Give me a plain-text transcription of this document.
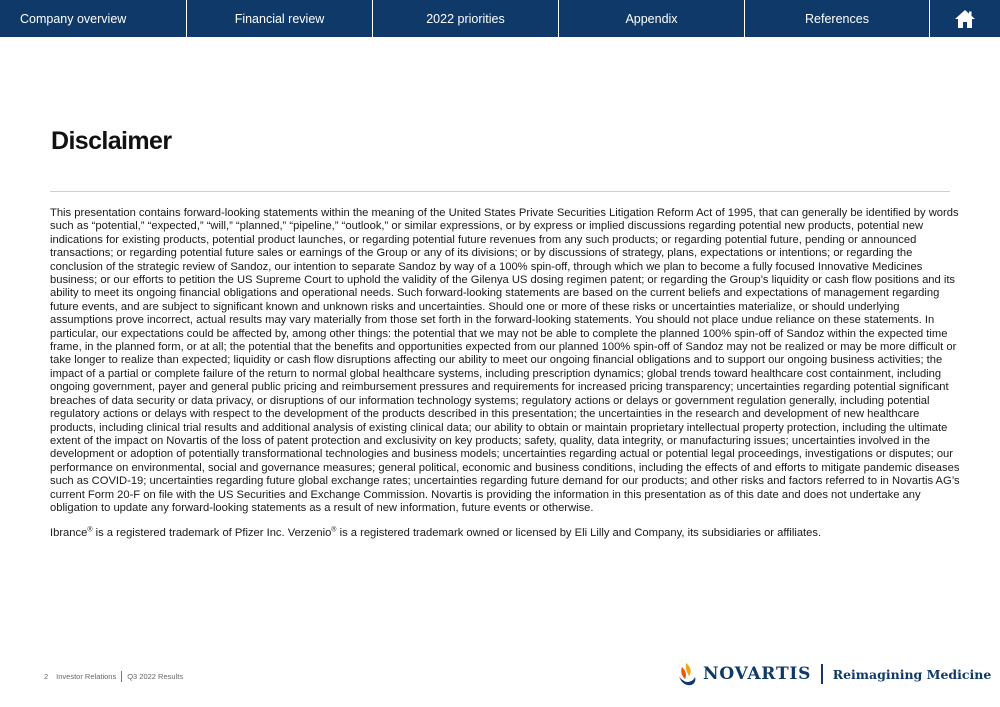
Company overview	Financial review	2022 priorities	Appendix	References
Disclaimer

This presentation contains forward-looking statements within the meaning of the United States Private Securities Litigation Reform Act of 1995, that can generally be identified by words such as “potential,” “expected,” “will,” “planned,” “pipeline,” “outlook,” or similar expressions, or by express or implied discussions regarding potential new products, potential new indications for existing products, potential product launches, or regarding potential future revenues from any such products; or regarding potential future, pending or announced transactions; or regarding potential future sales or earnings of the Group or any of its divisions; or by discussions of strategy, plans, expectations or intentions; or regarding the conclusion of the strategic review of Sandoz, our intention to separate Sandoz by way of a 100% spin-off, through which we plan to become a fully focused Innovative Medicines business; or our efforts to petition the US Supreme Court to uphold the validity of the Gilenya US dosing regimen patent; or regarding the Group’s liquidity or cash flow positions and its ability to meet its ongoing financial obligations and operational needs. Such forward-looking statements are based on the current beliefs and expectations of management regarding future events, and are subject to significant known and unknown risks and uncertainties. Should one or more of these risks or uncertainties materialize, or should underlying assumptions prove incorrect, actual results may vary materially from those set forth in the forward-looking statements. You should not place undue reliance on these statements. In particular, our expectations could be affected by, among other things: the potential that we may not be able to complete the planned 100% spin-off of Sandoz within the expected time frame, in the planned form, or at all; the potential that the benefits and opportunities expected from our planned 100% spin-off of Sandoz may not be realized or may be more difficult or take longer to realize than expected; liquidity or cash flow disruptions affecting our ability to meet our ongoing financial obligations and to support our ongoing business activities; the impact of a partial or complete failure of the return to normal global healthcare systems, including prescription dynamics; global trends toward healthcare cost containment, including ongoing government, payer and general public pricing and reimbursement pressures and requirements for increased pricing transparency; uncertainties regarding potential significant breaches of data security or data privacy, or disruptions of our information technology systems; regulatory actions or delays or government regulation generally, including potential regulatory actions or delays with respect to the development of the products described in this presentation; the uncertainties in the research and development of new healthcare products, including clinical trial results and additional analysis of existing clinical data; our ability to obtain or maintain proprietary intellectual property protection, including the ultimate extent of the impact on Novartis of the loss of patent protection and exclusivity on key products; safety, quality, data integrity, or manufacturing issues; uncertainties involved in the development or adoption of potentially transformational technologies and business models; uncertainties regarding actual or potential legal proceedings, investigations or disputes; our performance on environmental, social and governance measures; general political, economic and business conditions, including the effects of and efforts to mitigate pandemic diseases such as COVID-19; uncertainties regarding future global exchange rates; uncertainties regarding future demand for our products; and other risks and factors referred to in Novartis AG’s current Form 20-F on file with the US Securities and Exchange Commission. Novartis is providing the information in this presentation as of this date and does not undertake any obligation to update any forward-looking statements as a result of new information, future events or otherwise.

Ibrance® is a registered trademark of Pfizer Inc. Verzenio® is a registered trademark owned or licensed by Eli Lilly and Company, its subsidiaries or affiliates.

2 Investor Relations Q3 2022 Results	NOVARTIS Reimagining Medicine
